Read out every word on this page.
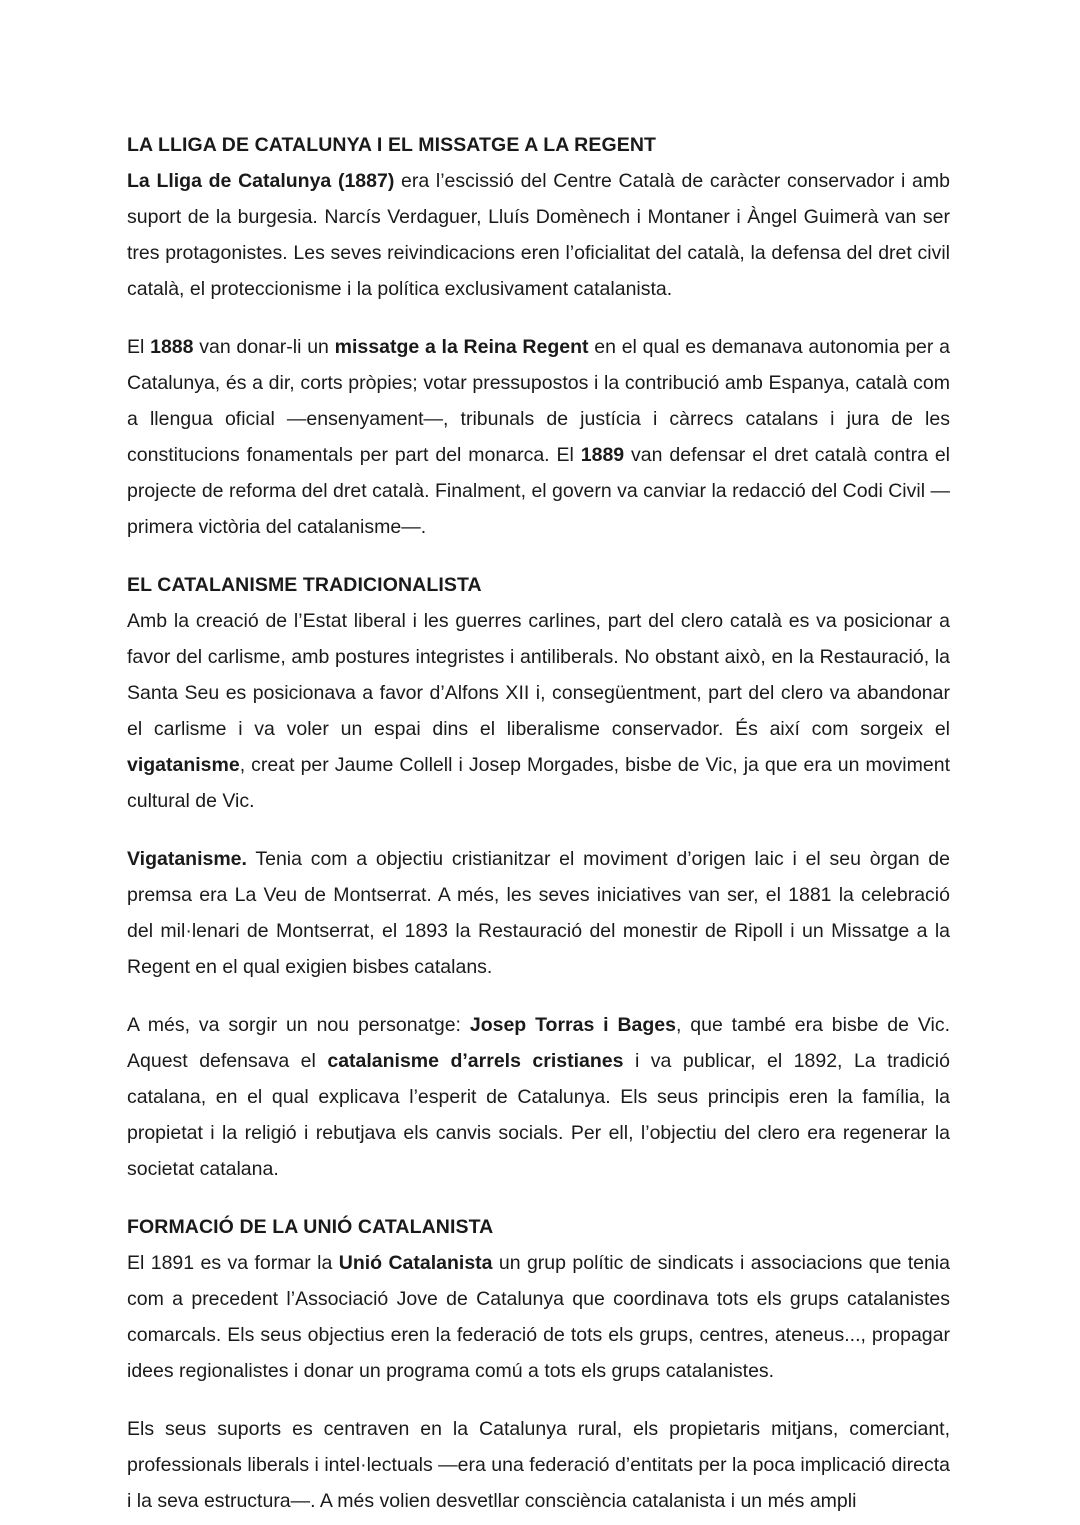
LA LLIGA DE CATALUNYA I EL MISSATGE A LA REGENT

La Lliga de Catalunya (1887) era l’escissió del Centre Català de caràcter conservador i amb suport de la burgesia. Narcís Verdaguer, Lluís Domènech i Montaner i Àngel Guimerà van ser tres protagonistes. Les seves reivindicacions eren l’oficialitat del català, la defensa del dret civil català, el proteccionisme i la política exclusivament catalanista.

El 1888 van donar-li un missatge a la Reina Regent en el qual es demanava autonomia per a Catalunya, és a dir, corts pròpies; votar pressupostos i la contribució amb Espanya, català com a llengua oficial —ensenyament—, tribunals de justícia i càrrecs catalans i jura de les constitucions fonamentals per part del monarca. El 1889 van defensar el dret català contra el projecte de reforma del dret català. Finalment, el govern va canviar la redacció del Codi Civil —primera victòria del catalanisme—.

EL CATALANISME TRADICIONALISTA

Amb la creació de l’Estat liberal i les guerres carlines, part del clero català es va posicionar a favor del carlisme, amb postures integristes i antiliberals. No obstant això, en la Restauració, la Santa Seu es posicionava a favor d’Alfons XII i, consegüentment, part del clero va abandonar el carlisme i va voler un espai dins el liberalisme conservador. És així com sorgeix el vigatanisme, creat per Jaume Collell i Josep Morgades, bisbe de Vic, ja que era un moviment cultural de Vic.

Vigatanisme. Tenia com a objectiu cristianitzar el moviment d’origen laic i el seu òrgan de premsa era La Veu de Montserrat. A més, les seves iniciatives van ser, el 1881 la celebració del mil·lenari de Montserrat, el 1893 la Restauració del monestir de Ripoll i un Missatge a la Regent en el qual exigien bisbes catalans.

A més, va sorgir un nou personatge: Josep Torras i Bages, que també era bisbe de Vic. Aquest defensava el catalanisme d’arrels cristianes i va publicar, el 1892, La tradició catalana, en el qual explicava l’esperit de Catalunya. Els seus principis eren la família, la propietat i la religió i rebutjava els canvis socials. Per ell, l’objectiu del clero era regenerar la societat catalana.

FORMACIÓ DE LA UNIÓ CATALANISTA

El 1891 es va formar la Unió Catalanista un grup polític de sindicats i associacions que tenia com a precedent l’Associació Jove de Catalunya que coordinava tots els grups catalanistes comarcals. Els seus objectius eren la federació de tots els grups, centres, ateneus..., propagar idees regionalistes i donar un programa comú a tots els grups catalanistes.

Els seus suports es centraven en la Catalunya rural, els propietaris mitjans, comerciant, professionals liberals i intel·lectuals —era una federació d’entitats per la poca implicació directa i la seva estructura—. A més volien desvetllar consciència catalanista i un més ampli
